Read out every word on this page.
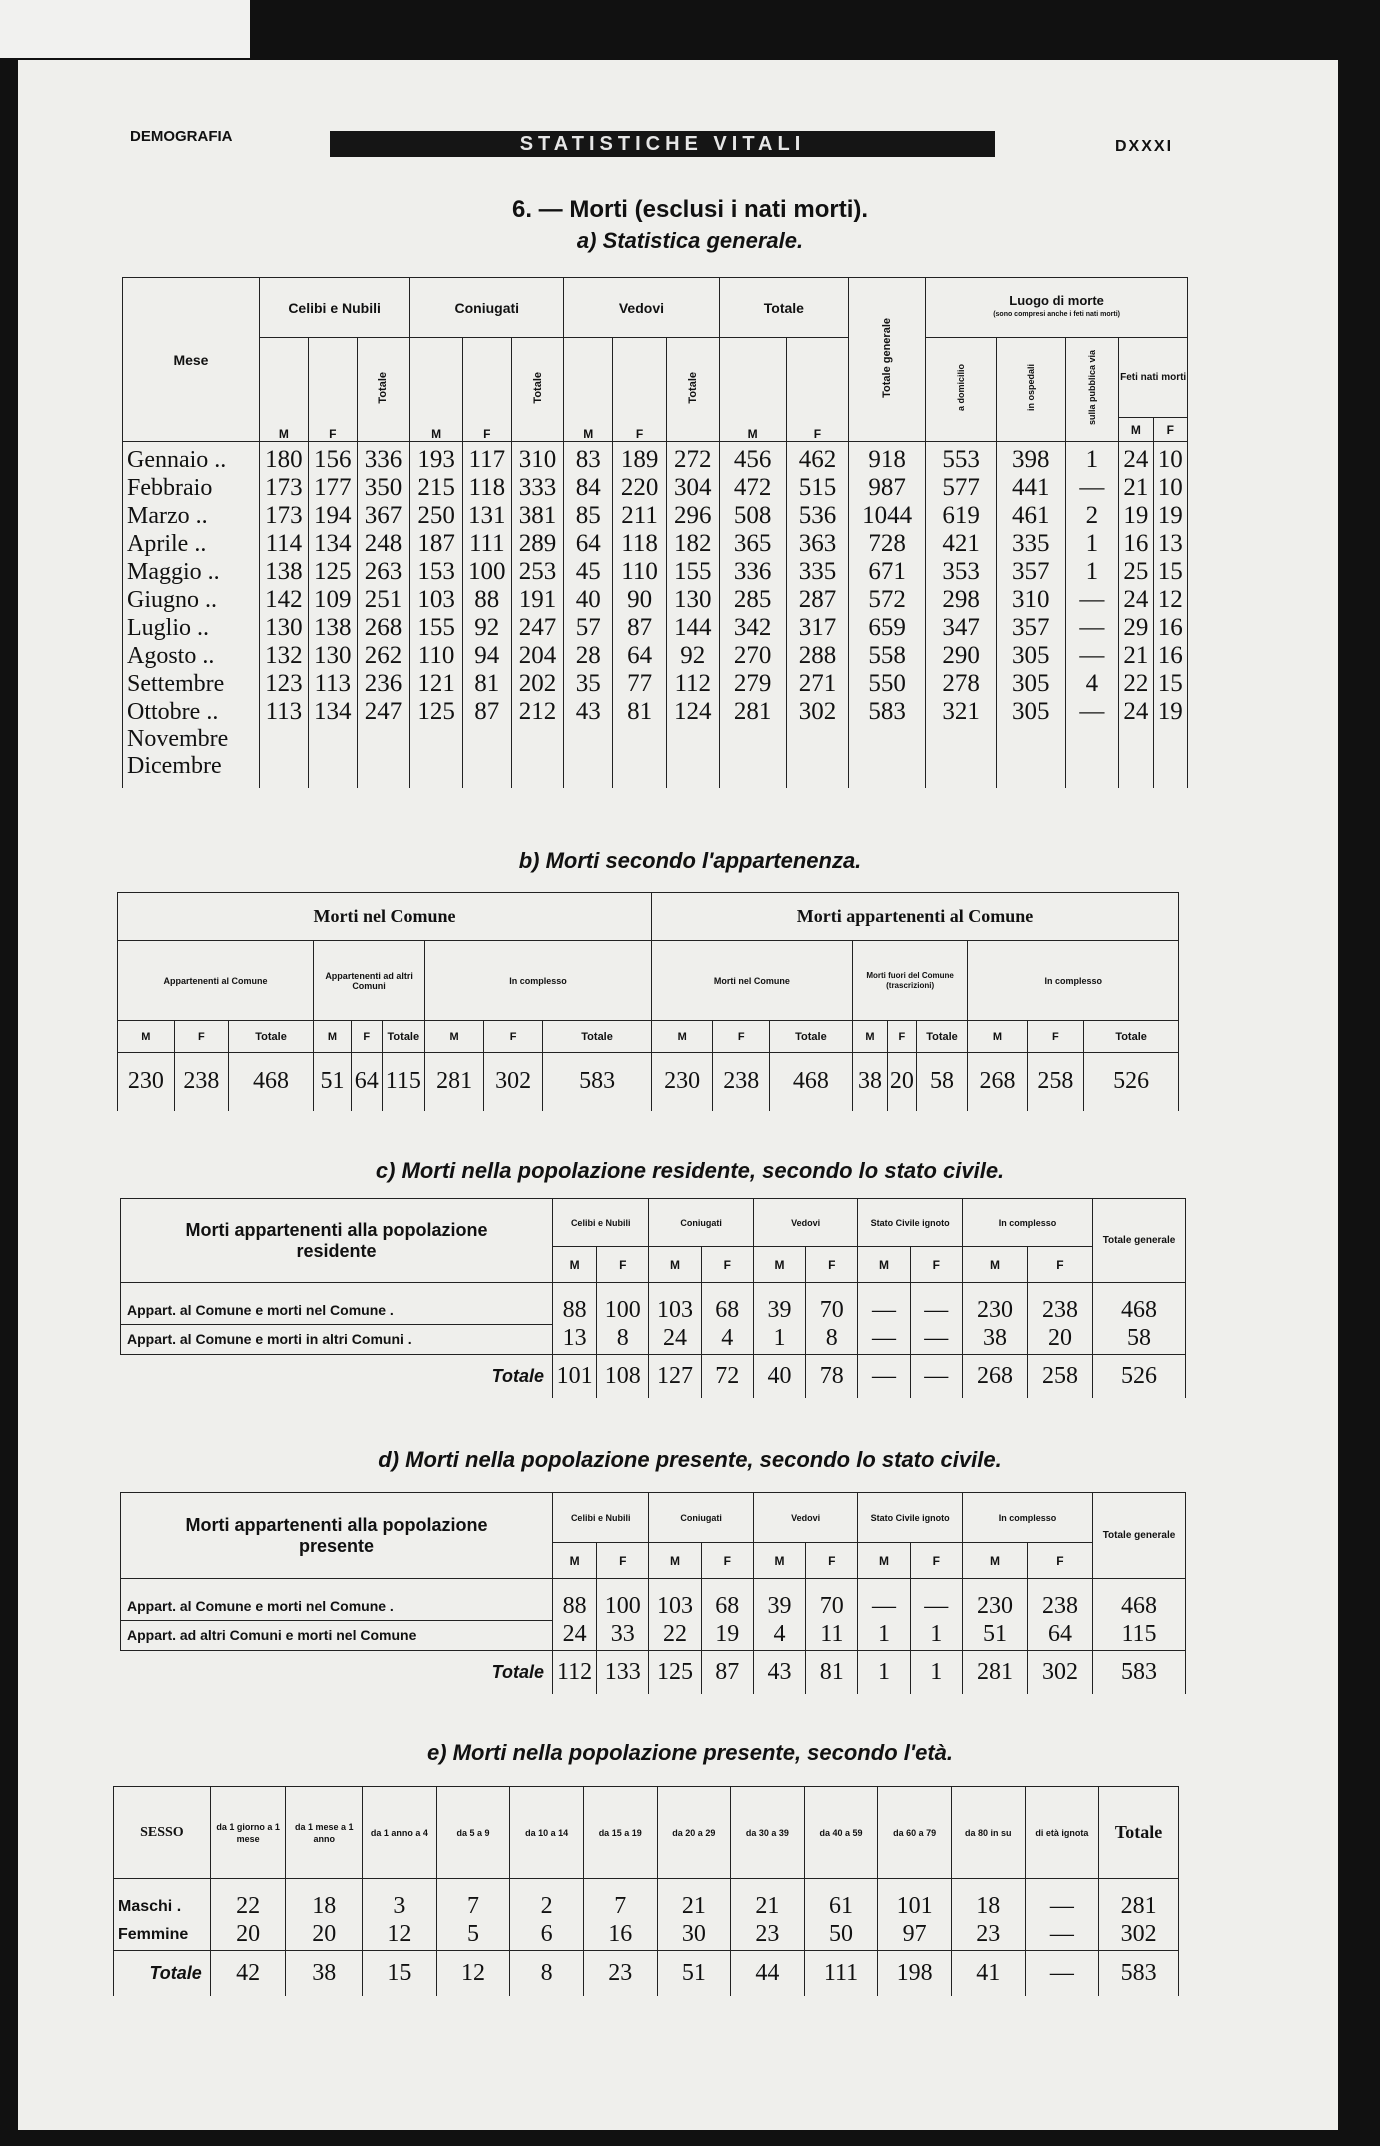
DEMOGRAFIA	STATISTICHE VITALI	DXXXI
6. — Morti (esclusi i nati morti).
a) Statistica generale.
Mese	Celibi e Nubili			Coniugati			Vedovi			Totale		Totale generale	Luogo di morte
(sono compresi anche i feti nati morti)				

	M	F	Totale	M	F	Totale	M	F	Totale	M	F		a domicilio	in ospedali	sulla pubblica via	Feti nati morti	
																M	F
Gennaio ..	180	156	336	193	117	310	83	189	272	456	462	918	553	398	1	24	10
Febbraio	173	177	350	215	118	333	84	220	304	472	515	987	577	441	—	21	10
Marzo ..	173	194	367	250	131	381	85	211	296	508	536	1044	619	461	2	19	19
Aprile ..	114	134	248	187	111	289	64	118	182	365	363	728	421	335	1	16	13
Maggio ..	138	125	263	153	100	253	45	110	155	336	335	671	353	357	1	25	15
Giugno ..	142	109	251	103	88	191	40	90	130	285	287	572	298	310	—	24	12
Luglio ..	130	138	268	155	92	247	57	87	144	342	317	659	347	357	—	29	16
Agosto ..	132	130	262	110	94	204	28	64	92	270	288	558	290	305	—	21	16
Settembre	123	113	236	121	81	202	35	77	112	279	271	550	278	305	4	22	15
Ottobre ..	113	134	247	125	87	212	43	81	124	281	302	583	321	305	—	24	19
Novembre																	
Dicembre																	

b) Morti secondo l'appartenenza.
Morti nel Comune									Morti appartenenti al Comune								
Appartenenti al Comune			Appartenenti ad altri Comuni			In complesso			Morti nel Comune			Morti fuori del Comune (trascrizioni)			In complesso		
M	F	Totale	M	F	Totale	M	F	Totale	M	F	Totale	M	F	Totale	M	F	Totale
230	238	468	51	64	115	281	302	583	230	238	468	38	20	58	268	258	526
c) Morti nella popolazione residente, secondo lo stato civile.
Morti appartenenti alla popolazione residente	Celibi e Nubili		Coniugati		Vedovi		Stato Civile ignoto		In complesso		Totale generale
	M	F	M	F	M	F	M	F	M	F	
Appart. al Comune e morti nel Comune .	88	100	103	68	39	70	—	—	230	238	468
Appart. al Comune e morti in altri Comuni .	13	8	24	4	1	8	—	—	38	20	58
Totale	101	108	127	72	40	78	—	—	268	258	526
d) Morti nella popolazione presente, secondo lo stato civile.
Morti appartenenti alla popolazione presente	Celibi e Nubili		Coniugati		Vedovi		Stato Civile ignoto		In complesso		Totale generale
	M	F	M	F	M	F	M	F	M	F	
Appart. al Comune e morti nel Comune .	88	100	103	68	39	70	—	—	230	238	468
Appart. ad altri Comuni e morti nel Comune	24	33	22	19	4	11	1	1	51	64	115
Totale	112	133	125	87	43	81	1	1	281	302	583
e) Morti nella popolazione presente, secondo l'età.
SESSO	da 1 giorno a 1 mese	da 1 mese a 1 anno	da 1 anno a 4	da 5 a 9	da 10 a 14	da 15 a 19	da 20 a 29	da 30 a 39	da 40 a 59	da 60 a 79	da 80 in su	di età ignota	Totale
Maschi .	22	18	3	7	2	7	21	21	61	101	18	—	281
Femmine	20	20	12	5	6	16	30	23	50	97	23	—	302
Totale	42	38	15	12	8	23	51	44	111	198	41	—	583
